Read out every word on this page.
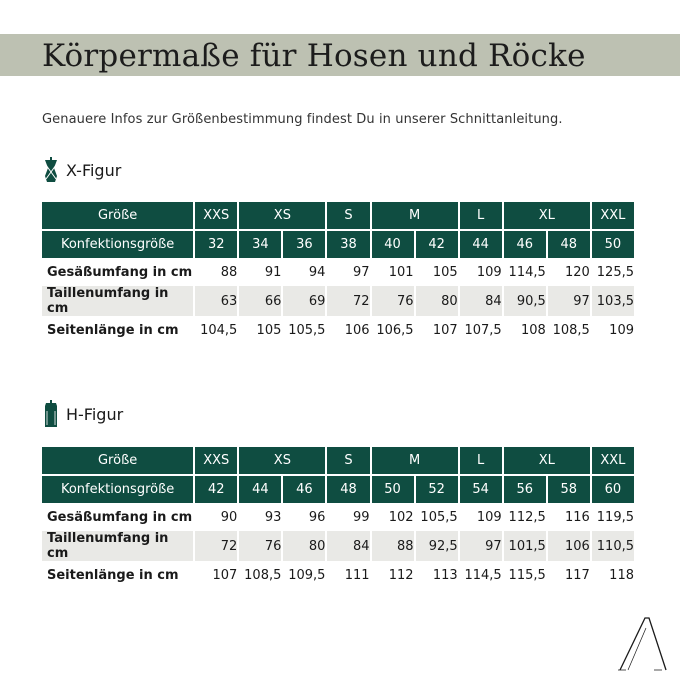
Körpermaße für Hosen und Röcke
Genauere Infos zur Größenbestimmung findest Du in unserer Schnittanleitung.
X-Figur
Größe	XXS	XS		S	M		L	XL		XXL
Konfektionsgröße	32	34	36	38	40	42	44	46	48	50
Gesäßumfang in cm	88	91	94	97	101	105	109	114,5	120	125,5
Taillenumfang in cm	63	66	69	72	76	80	84	90,5	97	103,5
Seitenlänge in cm	104,5	105	105,5	106	106,5	107	107,5	108	108,5	109
H-Figur
Größe	XXS	XS		S	M		L	XL		XXL
Konfektionsgröße	42	44	46	48	50	52	54	56	58	60
Gesäßumfang in cm	90	93	96	99	102	105,5	109	112,5	116	119,5
Taillenumfang in cm	72	76	80	84	88	92,5	97	101,5	106	110,5
Seitenlänge in cm	107	108,5	109,5	111	112	113	114,5	115,5	117	118
